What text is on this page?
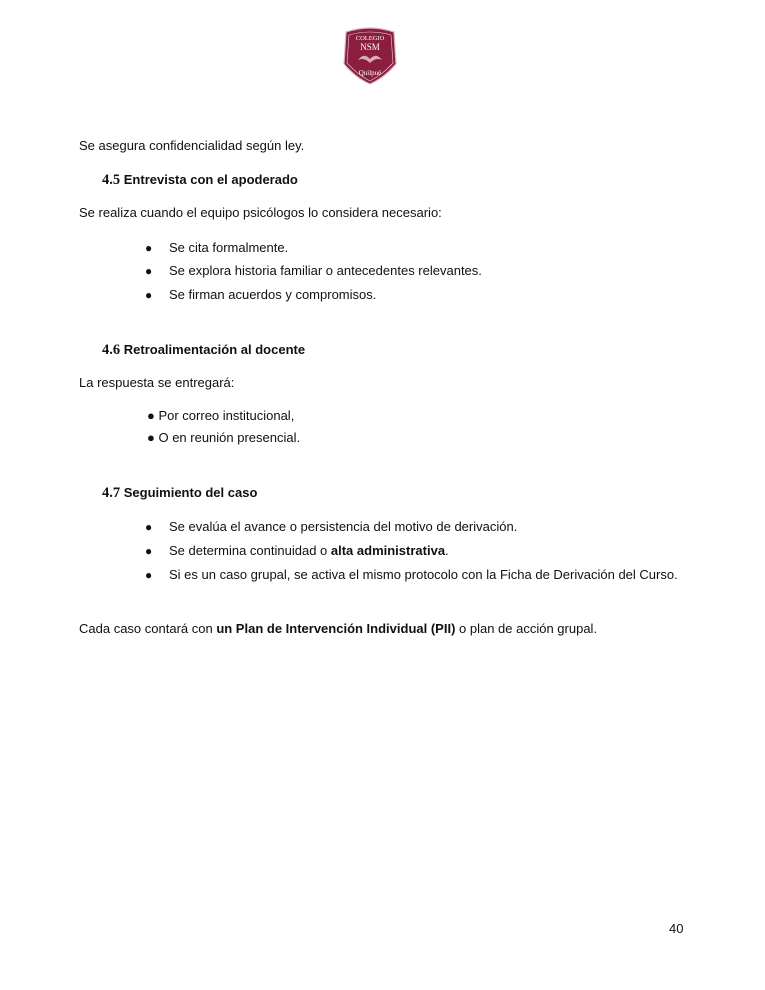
COLEGIO
NSM
Quilpué

Se asegura confidencialidad según ley.

4.5 Entrevista con el apoderado

Se realiza cuando el equipo psicólogos lo considera necesario:

● Se cita formalmente.
● Se explora historia familiar o antecedentes relevantes.
● Se firman acuerdos y compromisos.
4.6 Retroalimentación al docente

La respuesta se entregará:

● Por correo institucional,
● O en reunión presencial.
4.7 Seguimiento del caso
● Se evalúa el avance o persistencia del motivo de derivación.
● Se determina continuidad o alta administrativa.
● Si es un caso grupal, se activa el mismo protocolo con la Ficha de Derivación del Curso.

Cada caso contará con un Plan de Intervención Individual (PII) o plan de acción grupal.

40
